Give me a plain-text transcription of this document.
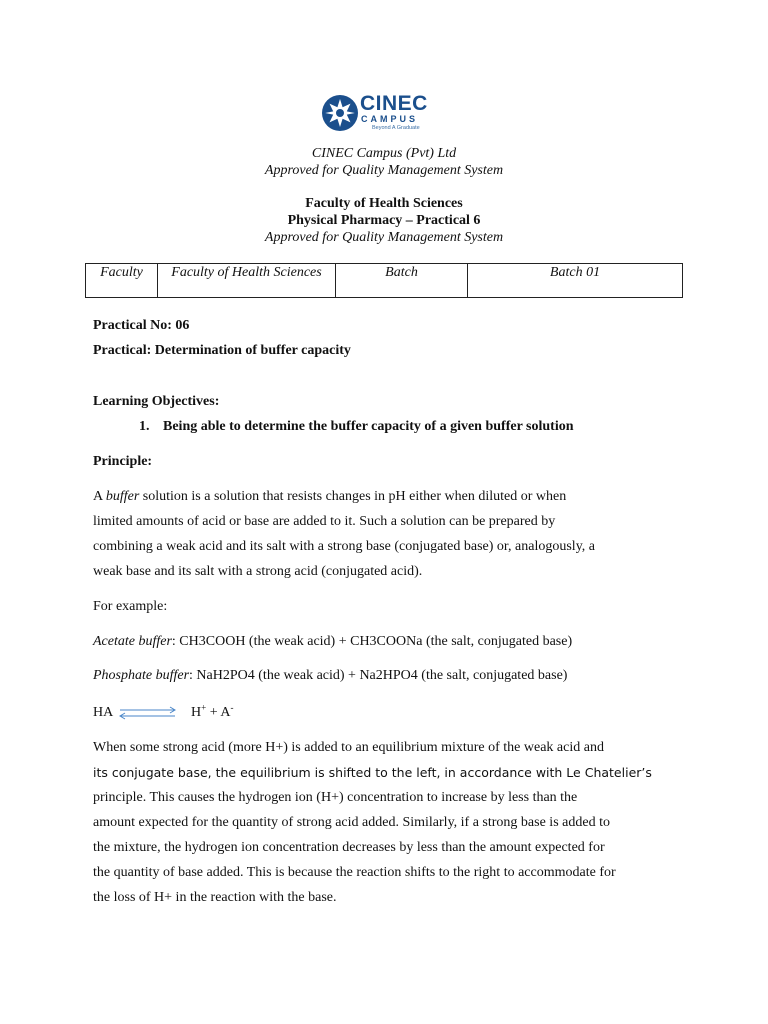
CINEC
CAMPUS
Beyond A Graduate
CINEC Campus (Pvt) Ltd
Approved for Quality Management System
Faculty of Health Sciences
Physical Pharmacy – Practical 6
Approved for Quality Management System
Faculty	Faculty of Health Sciences	Batch	Batch 01
Practical No: 06
Practical: Determination of buffer capacity
Learning Objectives:
1. Being able to determine the buffer capacity of a given buffer solution
Principle:
A buffer solution is a solution that resists changes in pH either when diluted or when
limited amounts of acid or base are added to it. Such a solution can be prepared by
combining a weak acid and its salt with a strong base (conjugated base) or, analogously, a
weak base and its salt with a strong acid (conjugated acid).
For example:
Acetate buffer: CH3COOH (the weak acid) + CH3COONa (the salt, conjugated base)
Phosphate buffer: NaH2PO4 (the weak acid) + Na2HPO4 (the salt, conjugated base)
HA	H+ + A-
When some strong acid (more H+) is added to an equilibrium mixture of the weak acid and
its conjugate base, the equilibrium is shifted to the left, in accordance with Le Chatelier’s
principle. This causes the hydrogen ion (H+) concentration to increase by less than the
amount expected for the quantity of strong acid added. Similarly, if a strong base is added to
the mixture, the hydrogen ion concentration decreases by less than the amount expected for
the quantity of base added. This is because the reaction shifts to the right to accommodate for
the loss of H+ in the reaction with the base.
